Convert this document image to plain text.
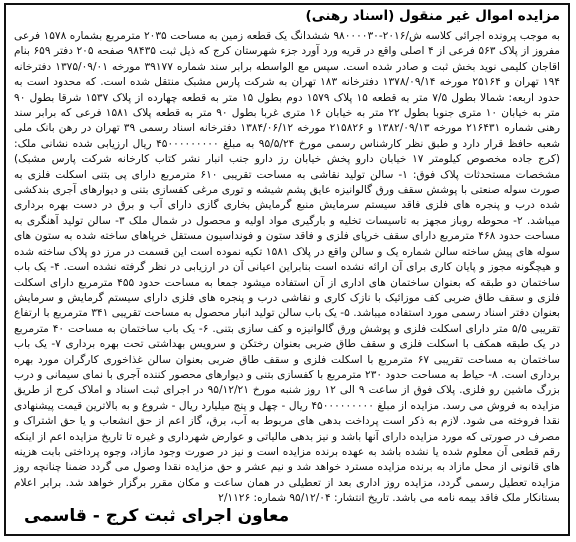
مزایده اموال غیر منقول (اسناد رهنی)

به موجب پرونده اجرائی کلاسه ش/۲۰۱۶-۹۸۰۰۰۰۳۰ ششدانگ یک قطعه زمین به مساحت ۲۰۳۵ مترمربع بشماره ۱۵۷۸ فرعی مفروز از پلاک ۵۶۳ فرعی از ۴ اصلی واقع در قریه ورد آورد جزء شهرستان کرج که ذیل ثبت ۹۸۴۳۵ صفحه ۲۰۵ دفتر ۶۵۹ بنام اقاجان کلیمی نوید بخش ثبت و صادر شده است. سپس مع الواسطه برابر سند شماره ۳۹۱۷۷ مورخه ۱۳۷۵/۰۹/۰۱ دفترخانه ۱۹۴ تهران و ۲۵۱۶۴ مورخه ۱۳۷۸/۰۹/۱۴ دفترخانه ۱۸۳ تهران به شرکت پارس مشبک منتقل شده است. که محدود است به حدود اربعه: شمالا بطول ۷/۵ متر به قطعه ۱۵ پلاک ۱۵۷۹ دوم بطول ۱۵ متر به قطعه چهارده از پلاک ۱۵۳۷ شرقا بطول ۹۰ متر به خیابان ۱۰ متری جنوبا بطول ۲۲ متر به خیابان ۱۶ متری غربا بطول ۹۰ متر به قطعه پلاک ۱۵۸۱ فرعی که برابر سند رهنی شماره ۲۱۶۴۳۱ مورخه ۱۳۸۲/۰۹/۱۳ و ۲۱۵۸۲۶ مورخه ۱۳۸۴/۰۶/۱۲ دفترخانه اسناد رسمی ۳۹ تهران در رهن بانک ملی شعبه حافظ قرار دارد و طبق نظر کارشناس رسمی مورخ ۹۵/۵/۲۴ به مبلغ ۴۵۰۰۰۰۰۰۰۰۰ ریال ارزیابی شده نشانی ملک: (کرج جاده مخصوص کیلومتر ۱۷ خیابان دارو پخش خیابان رز دارو جنب انبار نشر کتاب کارخانه شرکت پارس مشبک) مشخصات مستحدثات پلاک فوق: ۱- سالن تولید نقاشی به مساحت تقریبی ۶۱۰ مترمربع دارای پی بتنی اسکلت فلزی به صورت سوله صنعتی با پوشش سقف ورق گالوانیزه عایق پشم شیشه و توری مرغی کفسازی بتنی و دیوارهای آجری بندکشی شده درب و پنجره های فلزی فاقد سیستم سرمایش منبع گرمایش بخاری گازی دارای آب و برق در دست بهره برداری میباشد. ۲- محوطه روباز مجهز به تاسیسات تخلیه و بارگیری مواد اولیه و محصول در شمال ملک ۳- سالن تولید آهنگری به مساحت حدود ۴۶۸ مترمربع دارای سقف خرپای فلزی و فاقد ستون و فونداسیون مستقل خرپاهای ساخته شده به ستون های سوله های پیش ساخته سالن شماره یک و سالن واقع در پلاک ۱۵۸۱ تکیه نموده است این قسمت در مرز دو پلاک ساخته شده و هیچگونه مجوز و پایان کاری برای آن ارائه نشده است بنابراین اعیانی آن در ارزیابی در نظر گرفته نشده است. ۴- یک باب ساختمان دو طبقه که بعنوان ساختمان های اداری از آن استفاده میشود جمعا به مساحت حدود ۴۵۵ مترمربع دارای اسکلت فلزی و سقف طاق ضربی کف موزائیک با نازک کاری و نقاشی درب و پنجره های فلزی دارای سیستم گرمایش و سرمایش بعنوان دفتر اسناد رسمی مورد استفاده میباشد. ۵- یک باب سالن تولید انبار محصول به مساحت تقریبی ۳۴۱ مترمربع با ارتفاع تقریبی ۵/۵ متر دارای اسکلت فلزی و پوشش ورق گالوانیزه و کف سازی بتنی. ۶- یک باب ساختمان به مساحت ۴۰ مترمربع در یک طبقه همکف با اسکلت فلزی و سقف طاق ضربی بعنوان رختکن و سرویس بهداشتی تحت بهره برداری ۷- یک باب ساختمان به مساحت تقریبی ۶۷ مترمربع با اسکلت فلزی و سقف طاق ضربی بعنوان سالن غذاخوری کارگران مورد بهره برداری است. ۸- حیاط به مساحت حدود ۲۳۰ مترمربع با کفسازی بتنی و دیوارهای محصور کننده آجری با نمای سیمانی و درب بزرگ ماشین رو فلزی. پلاک فوق از ساعت ۹ الی ۱۲ روز شنبه مورخ ۹۵/۱۲/۲۱ در اجرای ثبت اسناد و املاک کرج از طریق مزایده به فروش می رسد. مزایده از مبلغ ۴۵۰۰۰۰۰۰۰۰۰ ریال - چهل و پنج میلیارد ریال - شروع و به بالاترین قیمت پیشنهادی نقدا فروخته می شود. لازم به ذکر است پرداخت بدهی های مربوط به آب، برق، گاز اعم از حق انشعاب و یا حق اشتراک و مصرف در صورتی که مورد مزایده دارای آنها باشد و نیز بدهی مالیاتی و عوارض شهرداری و غیره تا تاریخ مزایده اعم از اینکه رقم قطعی آن معلوم شده یا نشده باشد به عهده برنده مزایده است و نیز در صورت وجود مازاد، وجوه پرداختی بابت هزینه های قانونی از محل مازاد به برنده مزایده مسترد خواهد شد و نیم عشر و حق مزایده نقدا وصول می گردد ضمنا چنانچه روز مزایده تعطیل رسمی گردد، مزایده روز اداری بعد از تعطیلی در همان ساعت و مکان مقرر برگزار خواهد شد. برابر اعلام بستانکار ملک فاقد بیمه نامه می باشد. تاریخ انتشار: ۹۵/۱۲/۰۴ شماره: ۲/۱۱۲۶

معاون اجرای ثبت کرج - قاسمی
